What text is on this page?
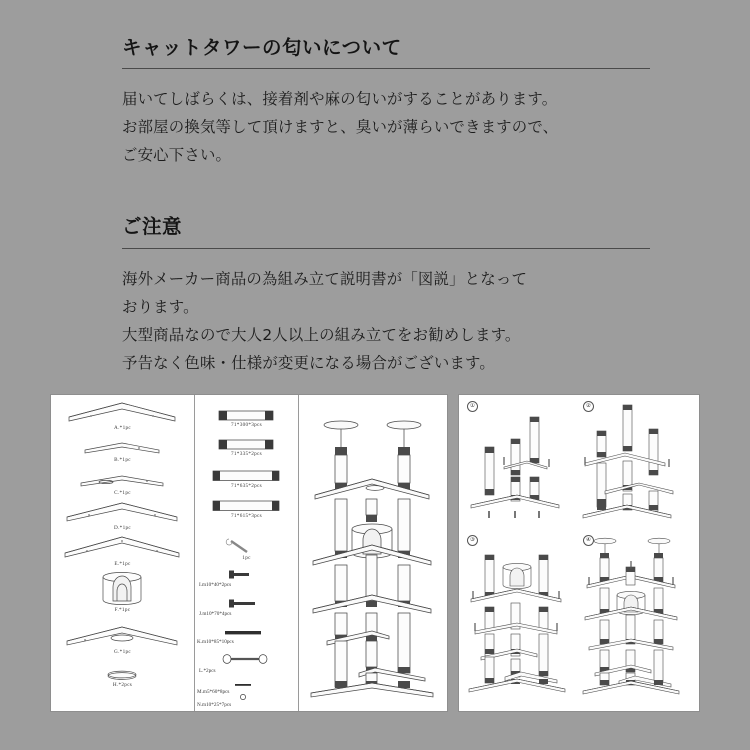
キャットタワーの匂いについて
届いてしばらくは、接着剤や麻の匂いがすることがあります。
お部屋の換気等して頂けますと、臭いが薄らいできますので、
ご安心下さい。
ご注意
海外メーカー商品の為組み立て説明書が「図説」となって
おります。
大型商品なので大人2人以上の組み立てをお勧めします。
予告なく色味・仕様が変更になる場合がございます。
A.*1pc
B.*1pc
C.*1pc
D.*1pc
E.*1pc
F.*1pc
G.*1pc
H.*2pcs
71*300*3pcs
71*335*2pcs
71*635*2pcs
71*615*3pcs
1pc
I.m10*40*2pcs
J.m10*70*4pcs
K.m10*85*10pcs
L.*2pcs
M.m5*60*8pcs
N.m10*25*7pcs
①	②
③	④
